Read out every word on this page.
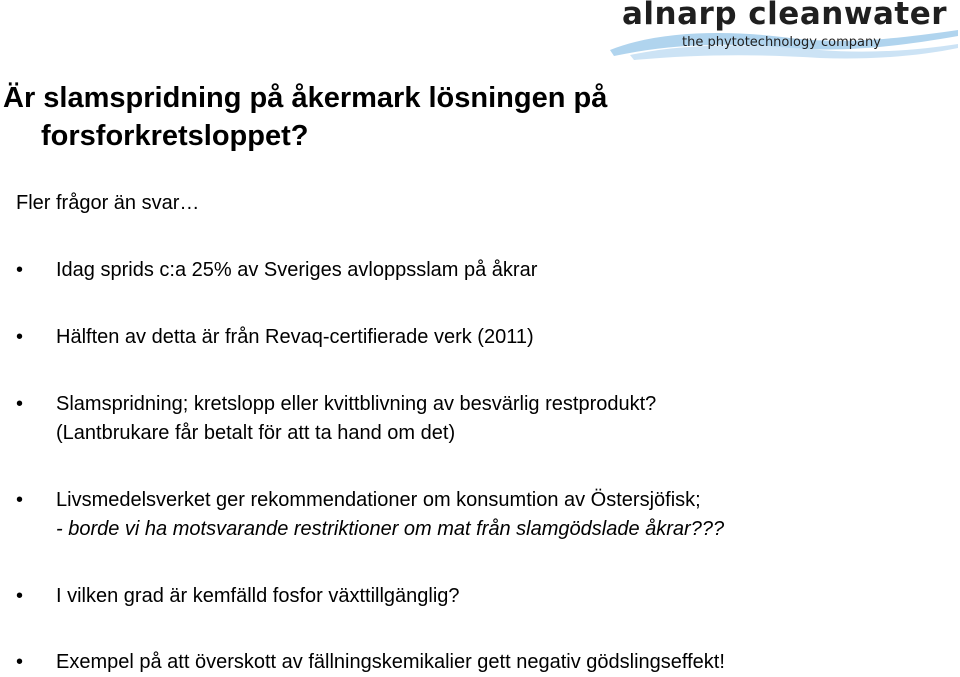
alnarp cleanwater
the phytotechnology company
Är slamspridning på åkermark lösningen på
forsforkretsloppet?
Fler frågor än svar…
•	Idag sprids c:a 25% av Sveriges avloppsslam på åkrar
•	Hälften av detta är från Revaq-certifierade verk (2011)
•	Slamspridning; kretslopp eller kvittblivning av besvärlig restprodukt?
(Lantbrukare får betalt för att ta hand om det)
•	Livsmedelsverket ger rekommendationer om konsumtion av Östersjöfisk;
- borde vi ha motsvarande restriktioner om mat från slamgödslade åkrar???
•	I vilken grad är kemfälld fosfor växttillgänglig?
•	Exempel på att överskott av fällningskemikalier gett negativ gödslingseffekt!
